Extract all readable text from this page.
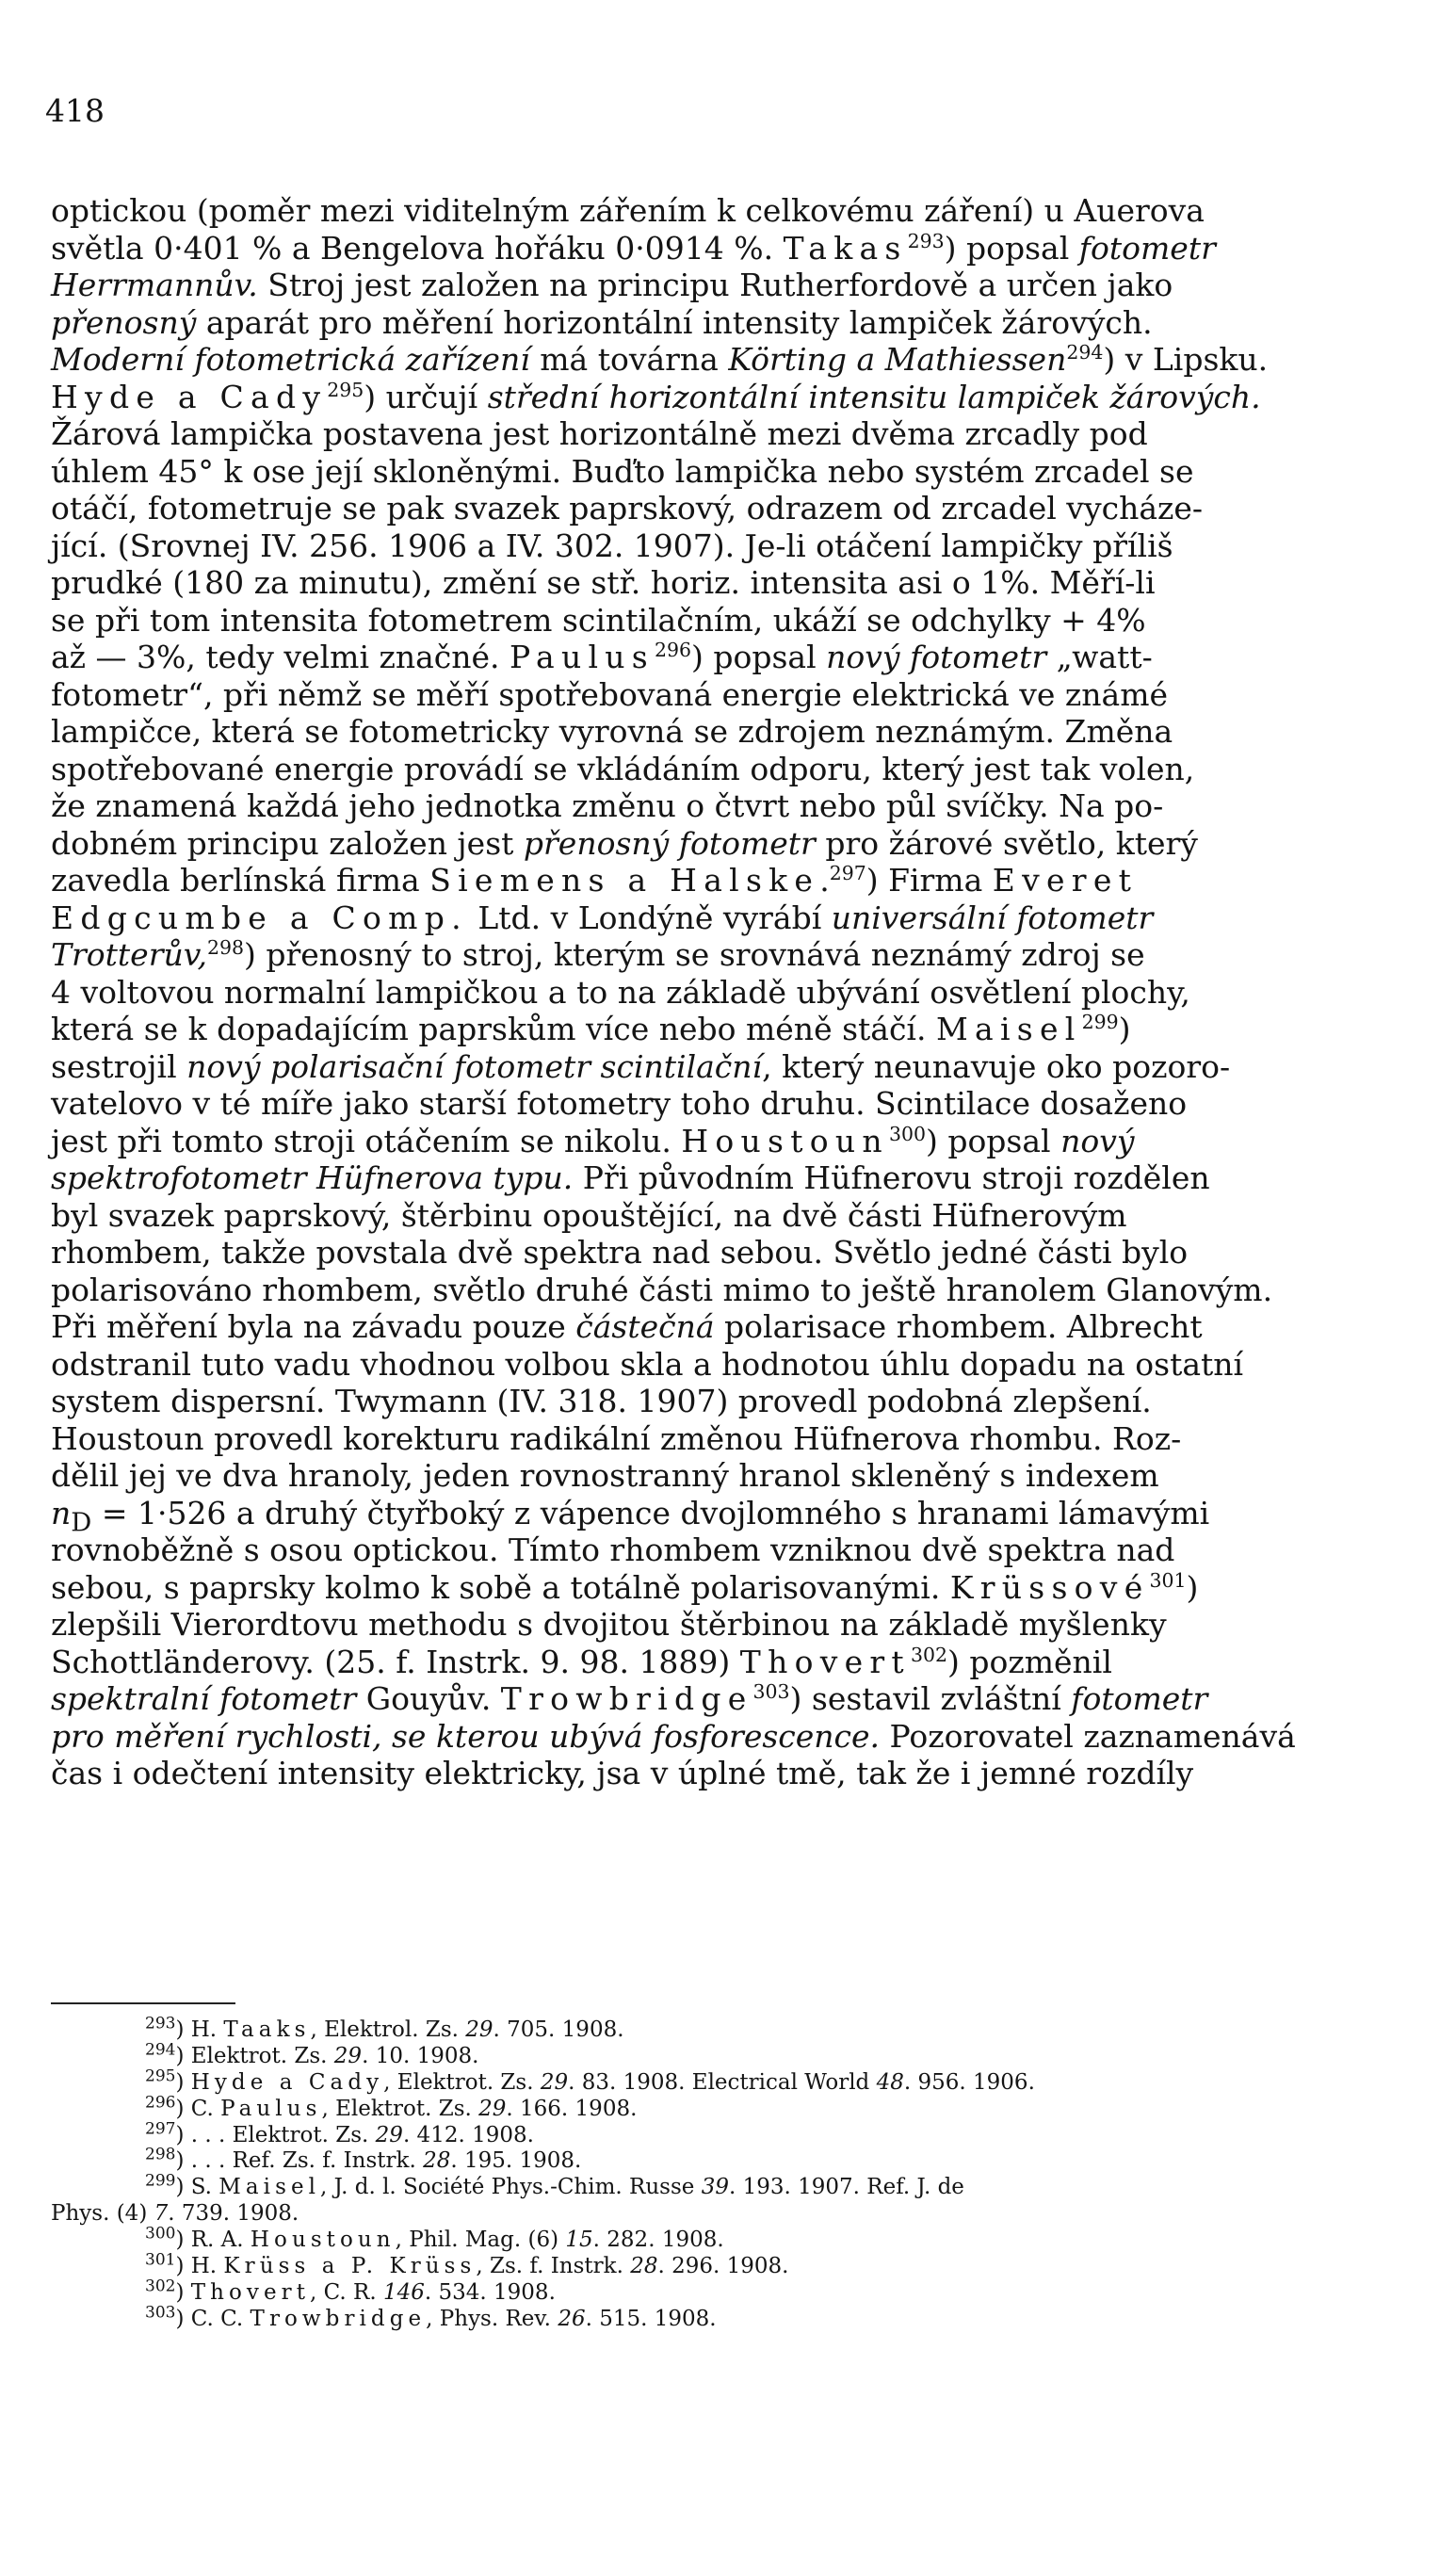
418
optickou (poměr mezi viditelným zářením k celkovému záření) u Auerova
světla 0·401 % a Bengelova hořáku 0·0914 %. Takas$^{293}$) popsal fotometr
Herrmannův. Stroj jest založen na principu Rutherfordově a určen jako
přenosný aparát pro měření horizontální intensity lampiček žárových.
Moderní fotometrická zařízení má továrna Körting a Mathiessen$^{294}$) v Lipsku.
Hyde a Cady$^{295}$) určují střední horizontální intensitu lampiček žárových.
Žárová lampička postavena jest horizontálně mezi dvěma zrcadly pod
úhlem 45° k ose její skloněnými. Buďto lampička nebo systém zrcadel se
otáčí, fotometruje se pak svazek paprskový, odrazem od zrcadel vycháze-
jící. (Srovnej IV. 256. 1906 a IV. 302. 1907). Je-li otáčení lampičky příliš
prudké (180 za minutu), změní se stř. horiz. intensita asi o 1%. Měří-li
se při tom intensita fotometrem scintilačním, ukáží se odchylky + 4%
až — 3%, tedy velmi značné. Paulus$^{296}$) popsal nový fotometr „watt-
fotometr“, při němž se měří spotřebovaná energie elektrická ve známé
lampičce, která se fotometricky vyrovná se zdrojem neznámým. Změna
spotřebované energie provádí se vkládáním odporu, který jest tak volen,
že znamená každá jeho jednotka změnu o čtvrt nebo půl svíčky. Na po-
dobném principu založen jest přenosný fotometr pro žárové světlo, který
zavedla berlínská firma Siemens a Halske.$^{297}$) Firma Everet
Edgcumbe a Comp. Ltd. v Londýně vyrábí universální fotometr
Trotterův,$^{298}$) přenosný to stroj, kterým se srovnává neznámý zdroj se
4 voltovou normalní lampičkou a to na základě ubývání osvětlení plochy,
která se k dopadajícím paprskům více nebo méně stáčí. Maisel$^{299}$)
sestrojil nový polarisační fotometr scintilační, který neunavuje oko pozoro-
vatelovo v té míře jako starší fotometry toho druhu. Scintilace dosaženo
jest při tomto stroji otáčením se nikolu. Houstoun$^{300}$) popsal nový
spektrofotometr Hüfnerova typu. Při původním Hüfnerovu stroji rozdělen
byl svazek paprskový, štěrbinu opouštějící, na dvě části Hüfnerovým
rhombem, takže povstala dvě spektra nad sebou. Světlo jedné části bylo
polarisováno rhombem, světlo druhé části mimo to ještě hranolem Glanovým.
Při měření byla na závadu pouze částečná polarisace rhombem. Albrecht
odstranil tuto vadu vhodnou volbou skla a hodnotou úhlu dopadu na ostatní
system dispersní. Twymann (IV. 318. 1907) provedl podobná zlepšení.
Houstoun provedl korekturu radikální změnou Hüfnerova rhombu. Roz-
dělil jej ve dva hranoly, jeden rovnostranný hranol skleněný s indexem
$n_D = 1\cdot 526$ a druhý čtyřboký z vápence dvojlomného s hranami lámavými
rovnoběžně s osou optickou. Tímto rhombem vzniknou dvě spektra nad
sebou, s paprsky kolmo k sobě a totálně polarisovanými. Krüssové$^{301}$)
zlepšili Vierordtovu methodu s dvojitou štěrbinou na základě myšlenky
Schottländerovy. (25. f. Instrk. 9. 98. 1889) Thovert$^{302}$) pozměnil
spektralní fotometr Gouyův. Trowbridge$^{303}$) sestavil zvláštní fotometr
pro měření rychlosti, se kterou ubývá fosforescence. Pozorovatel zaznamenává
čas i odečtení intensity elektricky, jsa v úplné tmě, tak že i jemné rozdíly
$^{293}$) H. Taaks, Elektrol. Zs. 29. 705. 1908.
$^{294}$) Elektrot. Zs. 29. 10. 1908.
$^{295}$) Hyde a Cady, Elektrot. Zs. 29. 83. 1908. Electrical World 48. 956. 1906.
$^{296}$) C. Paulus, Elektrot. Zs. 29. 166. 1908.
$^{297}$) . . . Elektrot. Zs. 29. 412. 1908.
$^{298}$) . . . Ref. Zs. f. Instrk. 28. 195. 1908.
$^{299}$) S. Maisel, J. d. l. Société Phys.-Chim. Russe 39. 193. 1907. Ref. J. de
Phys. (4) 7. 739. 1908.
$^{300}$) R. A. Houstoun, Phil. Mag. (6) 15. 282. 1908.
$^{301}$) H. Krüss a P. Krüss, Zs. f. Instrk. 28. 296. 1908.
$^{302}$) Thovert, C. R. 146. 534. 1908.
$^{303}$) C. C. Trowbridge, Phys. Rev. 26. 515. 1908.
